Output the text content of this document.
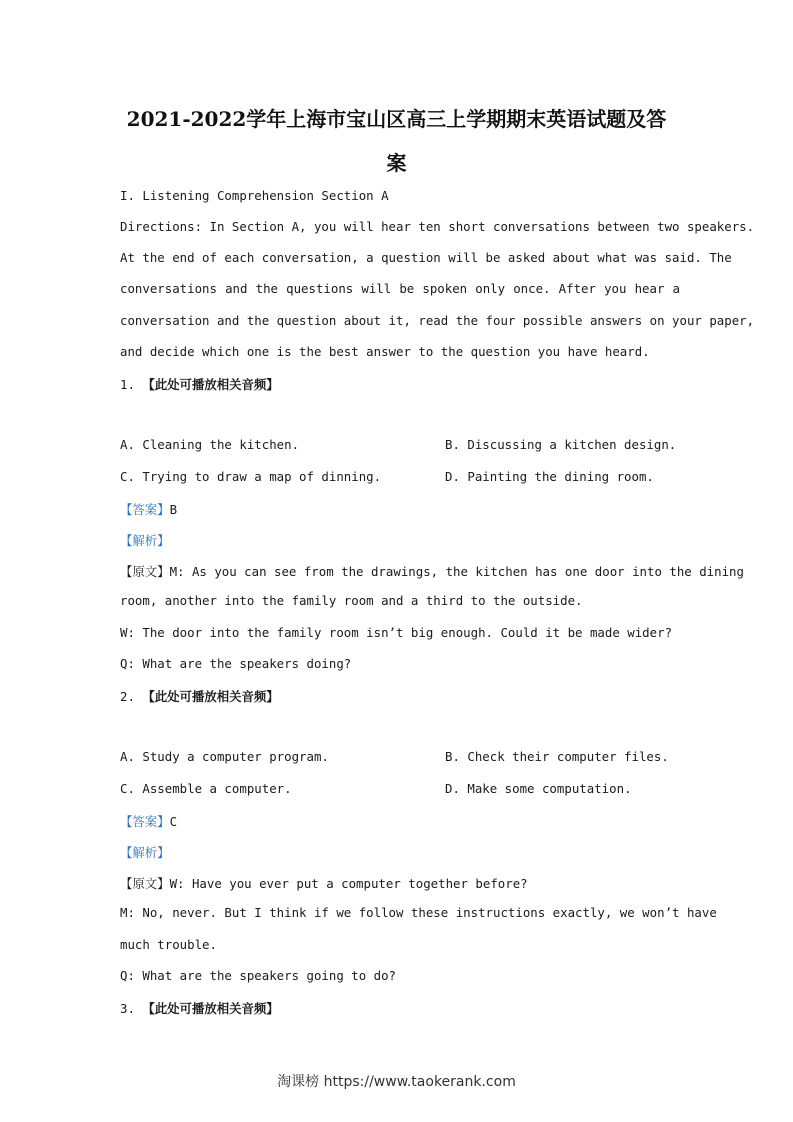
2021-2022学年上海市宝山区高三上学期期末英语试题及答
案
I. Listening Comprehension Section A
Directions: In Section A, you will hear ten short conversations between two speakers.
At the end of each conversation, a question will be asked about what was said. The
conversations and the questions will be spoken only once. After you hear a
conversation and the question about it, read the four possible answers on your paper,
and decide which one is the best answer to the question you have heard.
1. 【此处可播放相关音频】
A. Cleaning the kitchen.	B. Discussing a kitchen design.
C. Trying to draw a map of dinning.	D. Painting the dining room.
【答案】B
【解析】
【原文】M: As you can see from the drawings, the kitchen has one door into the dining
room, another into the family room and a third to the outside.
W: The door into the family room isn’t big enough. Could it be made wider?
Q: What are the speakers doing?
2. 【此处可播放相关音频】
A. Study a computer program.	B. Check their computer files.
C. Assemble a computer.	D. Make some computation.
【答案】C
【解析】
【原文】W: Have you ever put a computer together before?
M: No, never. But I think if we follow these instructions exactly, we won’t have
much trouble.
Q: What are the speakers going to do?
3. 【此处可播放相关音频】
淘课榜 https://www.taokerank.com
